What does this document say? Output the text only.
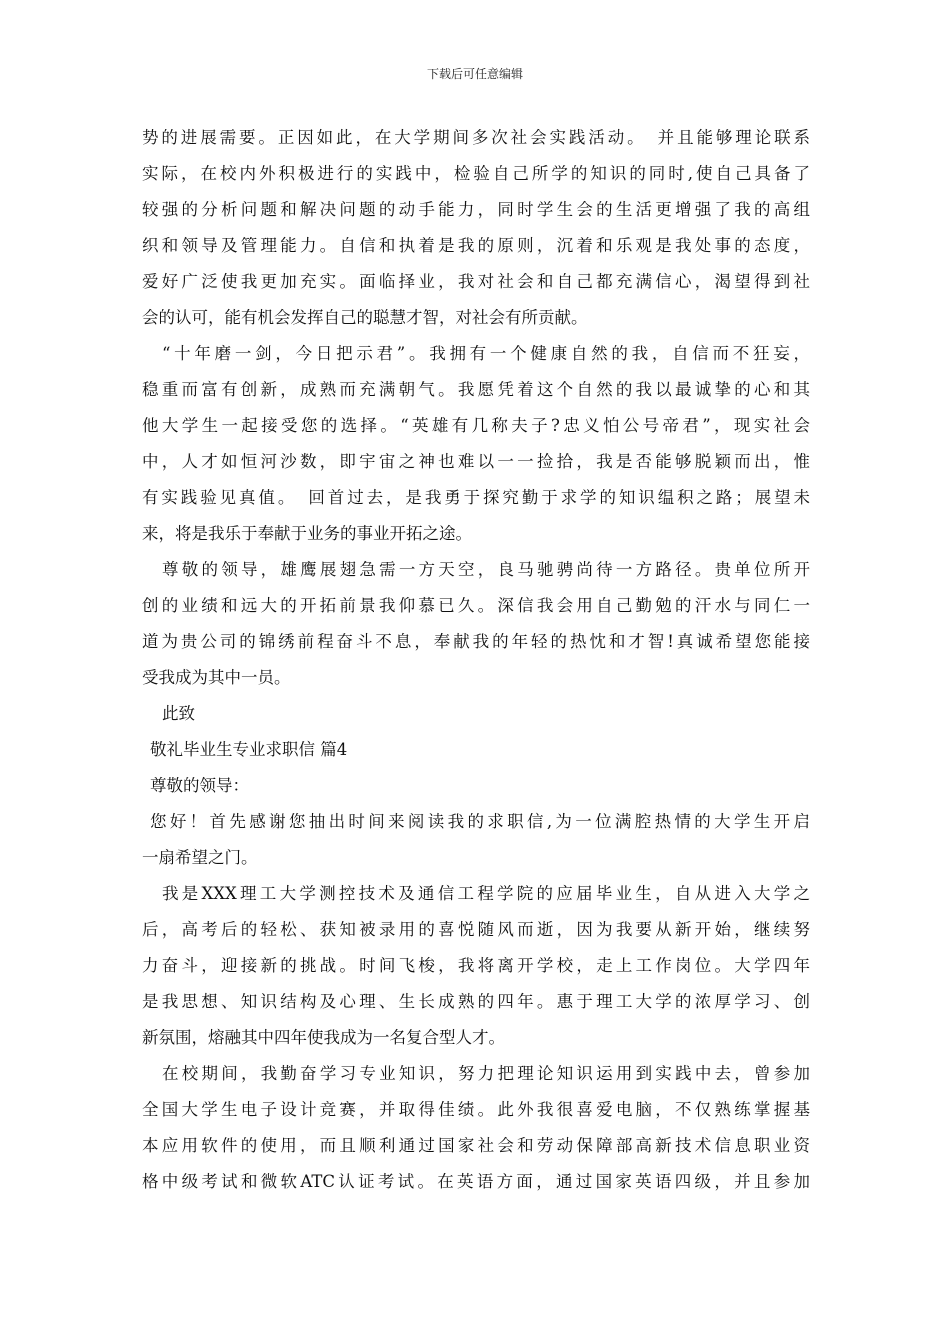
下载后可任意编辑
势的进展需要。正因如此，在大学期间多次社会实践活动。　并且能够理论联系
实际，在校内外积极进行的实践中，检验自己所学的知识的同时,使自己具备了
较强的分析问题和解决问题的动手能力，同时学生会的生活更增强了我的高组
织和领导及管理能力。自信和执着是我的原则，沉着和乐观是我处事的态度，
爱好广泛使我更加充实。面临择业，我对社会和自己都充满信心，渴望得到社
会的认可，能有机会发挥自己的聪慧才智，对社会有所贡献。
“十年磨一剑，今日把示君”。我拥有一个健康自然的我，自信而不狂妄，
稳重而富有创新，成熟而充满朝气。我愿凭着这个自然的我以最诚挚的心和其
他大学生一起接受您的选择。“英雄有几称夫子?忠义怕公号帝君”，现实社会
中，人才如恒河沙数，即宇宙之神也难以一一捡拾，我是否能够脱颖而出，惟
有实践验见真值。　回首过去，是我勇于探究勤于求学的知识缊积之路；展望未
来，将是我乐于奉献于业务的事业开拓之途。
尊敬的领导，雄鹰展翅急需一方天空，良马驰骋尚待一方路径。贵单位所开
创的业绩和远大的开拓前景我仰慕已久。深信我会用自己勤勉的汗水与同仁一
道为贵公司的锦绣前程奋斗不息，奉献我的年轻的热忱和才智!真诚希望您能接
受我成为其中一员。
此致
敬礼毕业生专业求职信 篇4
尊敬的领导：
您好！首先感谢您抽出时间来阅读我的求职信,为一位满腔热情的大学生开启
一扇希望之门。
我是XXX理工大学测控技术及通信工程学院的应届毕业生，自从进入大学之
后，高考后的轻松、获知被录用的喜悦随风而逝，因为我要从新开始，继续努
力奋斗，迎接新的挑战。时间飞梭，我将离开学校，走上工作岗位。大学四年
是我思想、知识结构及心理、生长成熟的四年。惠于理工大学的浓厚学习、创
新氛围，熔融其中四年使我成为一名复合型人才。
在校期间，我勤奋学习专业知识，努力把理论知识运用到实践中去，曾参加
全国大学生电子设计竞赛，并取得佳绩。此外我很喜爱电脑，不仅熟练掌握基
本应用软件的使用，而且顺利通过国家社会和劳动保障部高新技术信息职业资
格中级考试和微软ATC认证考试。在英语方面，通过国家英语四级，并且参加
